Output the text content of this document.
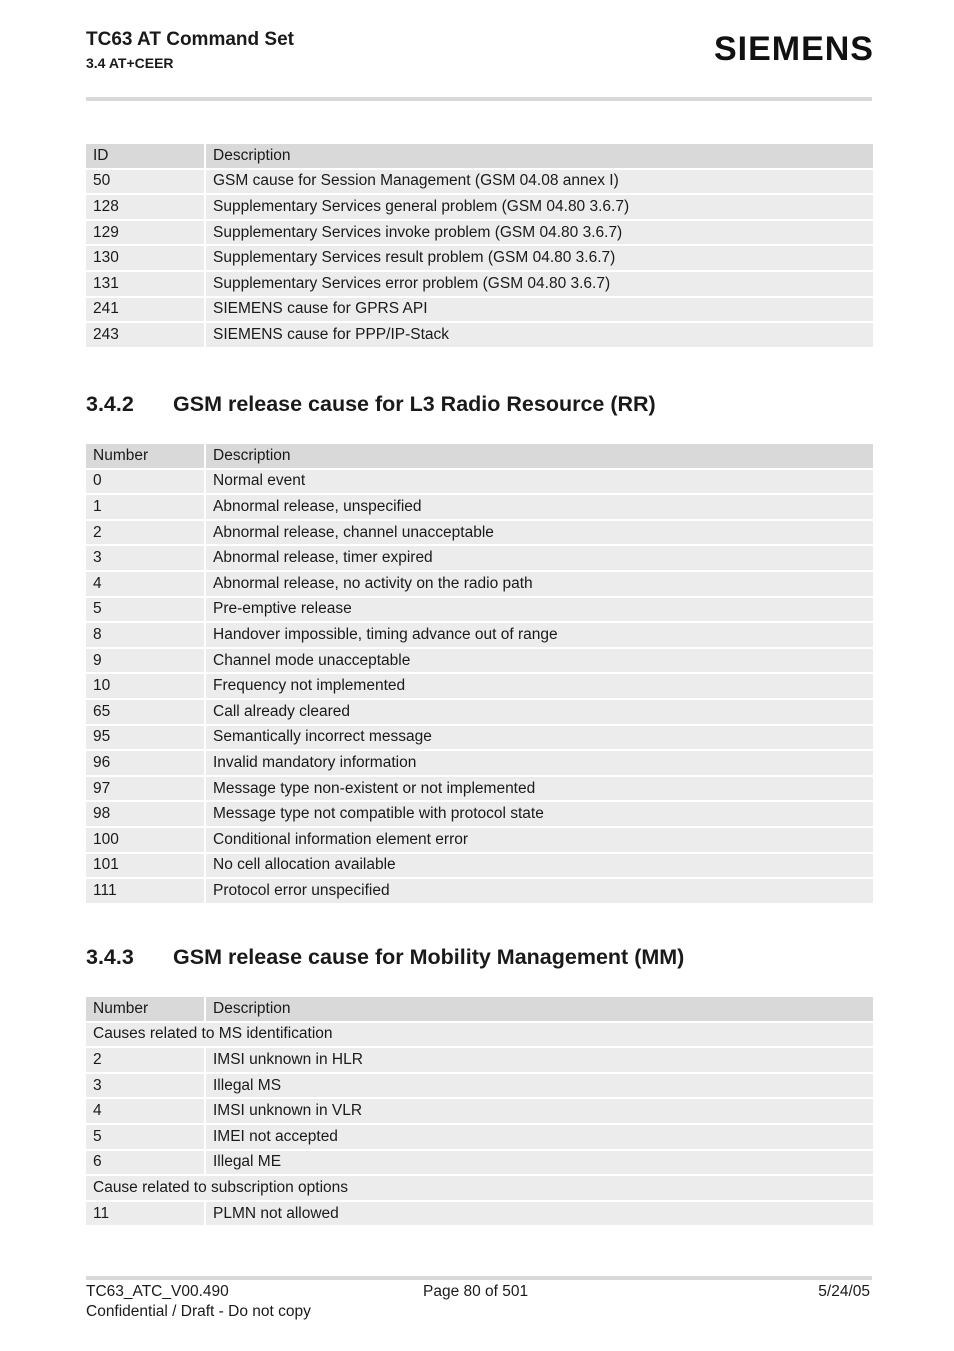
TC63 AT Command Set
3.4 AT+CEER	SIEMENS
ID	Description
50	GSM cause for Session Management (GSM 04.08 annex I)
128	Supplementary Services general problem (GSM 04.80 3.6.7)
129	Supplementary Services invoke problem (GSM 04.80 3.6.7)
130	Supplementary Services result problem (GSM 04.80 3.6.7)
131	Supplementary Services error problem (GSM 04.80 3.6.7)
241	SIEMENS cause for GPRS API
243	SIEMENS cause for PPP/IP-Stack
3.4.2 GSM release cause for L3 Radio Resource (RR)
Number	Description
0	Normal event
1	Abnormal release, unspecified
2	Abnormal release, channel unacceptable
3	Abnormal release, timer expired
4	Abnormal release, no activity on the radio path
5	Pre-emptive release
8	Handover impossible, timing advance out of range
9	Channel mode unacceptable
10	Frequency not implemented
65	Call already cleared
95	Semantically incorrect message
96	Invalid mandatory information
97	Message type non-existent or not implemented
98	Message type not compatible with protocol state
100	Conditional information element error
101	No cell allocation available
111	Protocol error unspecified
3.4.3 GSM release cause for Mobility Management (MM)
Number	Description
Causes related to MS identification	
2	IMSI unknown in HLR
3	Illegal MS
4	IMSI unknown in VLR
5	IMEI not accepted
6	Illegal ME
Cause related to subscription options	
11	PLMN not allowed
TC63_ATC_V00.490
Confidential / Draft - Do not copy
Page 80 of 501	5/24/05
